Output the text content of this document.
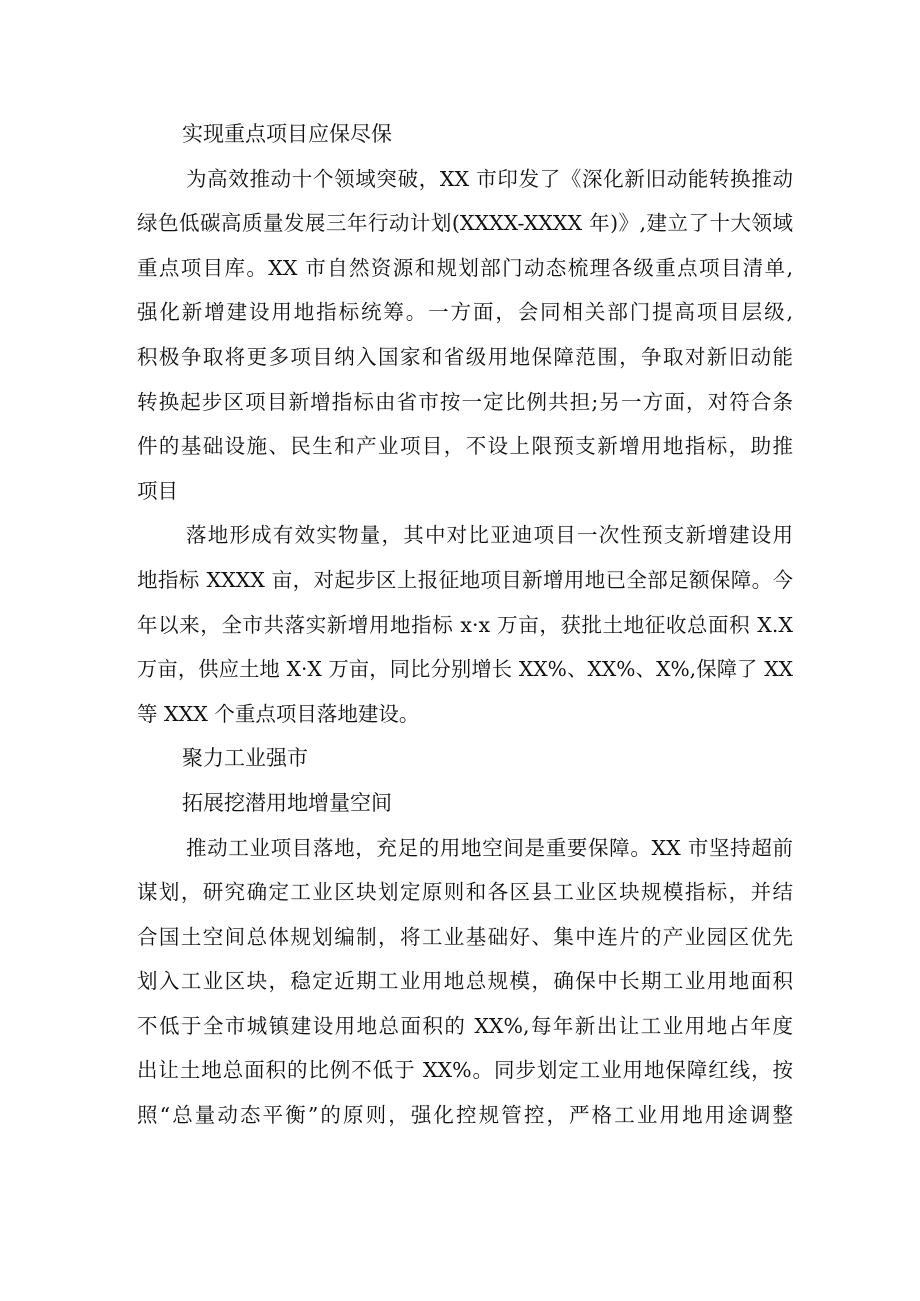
实现重点项目应保尽保
为高效推动十个领域突破，XX 市印发了《深化新旧动能转换推动
绿色低碳高质量发展三年行动计划(XXXX-XXXX 年)》,建立了十大领域
重点项目库。XX 市自然资源和规划部门动态梳理各级重点项目清单,
强化新增建设用地指标统筹。一方面，会同相关部门提高项目层级,
积极争取将更多项目纳入国家和省级用地保障范围，争取对新旧动能
转换起步区项目新增指标由省市按一定比例共担;另一方面，对符合条
件的基础设施、民生和产业项目，不设上限预支新增用地指标，助推
项目
落地形成有效实物量，其中对比亚迪项目一次性预支新增建设用
地指标 XXXX 亩，对起步区上报征地项目新增用地已全部足额保障。今
年以来，全市共落实新增用地指标 x·x 万亩，获批土地征收总面积 X.X
万亩，供应土地 X·X 万亩，同比分别增长 XX%、XX%、X%,保障了 XX
等 XXX 个重点项目落地建设。
聚力工业强市
拓展挖潜用地增量空间
推动工业项目落地，充足的用地空间是重要保障。XX 市坚持超前
谋划，研究确定工业区块划定原则和各区县工业区块规模指标，并结
合国土空间总体规划编制，将工业基础好、集中连片的产业园区优先
划入工业区块，稳定近期工业用地总规模，确保中长期工业用地面积
不低于全市城镇建设用地总面积的 XX%,每年新出让工业用地占年度
出让土地总面积的比例不低于 XX%。同步划定工业用地保障红线，按
照“总量动态平衡”的原则，强化控规管控，严格工业用地用途调整
